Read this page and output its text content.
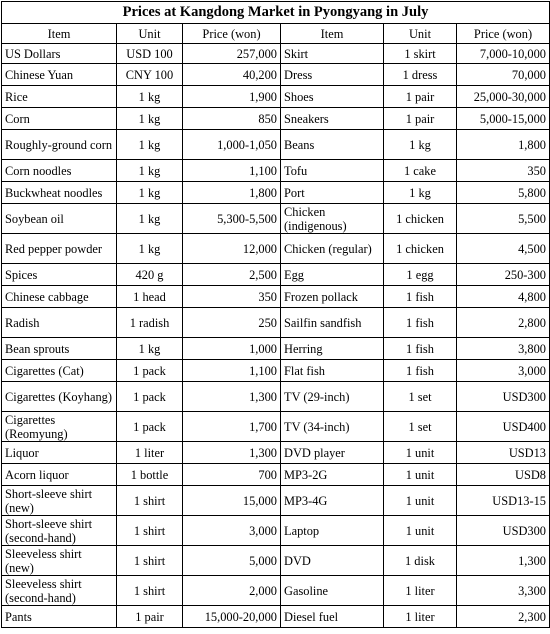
Prices at Kangdong Market in Pyongyang in July
Item	Unit	Price (won)	Item	Unit	Price (won)
US Dollars	USD 100	257,000	Skirt	1 skirt	7,000-10,000
Chinese Yuan	CNY 100	40,200	Dress	1 dress	70,000
Rice	1 kg	1,900	Shoes	1 pair	25,000-30,000
Corn	1 kg	850	Sneakers	1 pair	5,000-15,000
Roughly-ground corn	1 kg	1,000-1,050	Beans	1 kg	1,800
Corn noodles	1 kg	1,100	Tofu	1 cake	350
Buckwheat noodles	1 kg	1,800	Port	1 kg	5,800
Soybean oil	1 kg	5,300-5,500	Chicken (indigenous)	1 chicken	5,500
Red pepper powder	1 kg	12,000	Chicken (regular)	1 chicken	4,500
Spices	420 g	2,500	Egg	1 egg	250-300
Chinese cabbage	1 head	350	Frozen pollack	1 fish	4,800
Radish	1 radish	250	Sailfin sandfish	1 fish	2,800
Bean sprouts	1 kg	1,000	Herring	1 fish	3,800
Cigarettes (Cat)	1 pack	1,100	Flat fish	1 fish	3,000
Cigarettes (Koyhang)	1 pack	1,300	TV (29-inch)	1 set	USD300
Cigarettes (Reomyung)	1 pack	1,700	TV (34-inch)	1 set	USD400
Liquor	1 liter	1,300	DVD player	1 unit	USD13
Acorn liquor	1 bottle	700	MP3-2G	1 unit	USD8
Short-sleeve shirt (new)	1 shirt	15,000	MP3-4G	1 unit	USD13-15
Short-sleeve shirt (second-hand)	1 shirt	3,000	Laptop	1 unit	USD300
Sleeveless shirt (new)	1 shirt	5,000	DVD	1 disk	1,300
Sleeveless shirt (second-hand)	1 shirt	2,000	Gasoline	1 liter	3,300
Pants	1 pair	15,000-20,000	Diesel fuel	1 liter	2,300
